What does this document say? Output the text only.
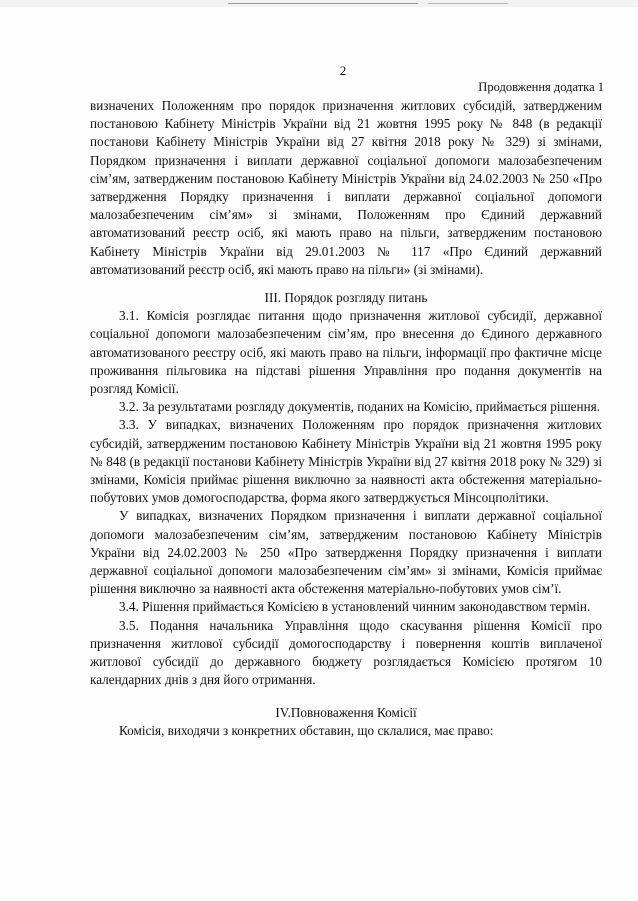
2
Продовження додатка 1

визначених Положенням про порядок призначення житлових субсидій, затвердженим постановою Кабінету Міністрів України від 21 жовтня 1995 року № 848 (в редакції постанови Кабінету Міністрів України від 27 квітня 2018 року № 329) зі змінами, Порядком призначення і виплати державної соціальної допомоги малозабезпеченим сім’ям, затвердженим постановою Кабінету Міністрів України від 24.02.2003 № 250 «Про затвердження Порядку призначення і виплати державної соціальної допомоги малозабезпеченим сім’ям» зі змінами, Положенням про Єдиний державний автоматизований реєстр осіб, які мають право на пільги, затвердженим постановою Кабінету Міністрів України від 29.01.2003 № 117 «Про Єдиний державний автоматизований реєстр осіб, які мають право на пільги» (зі змінами).

ІІІ. Порядок розгляду питань

3.1. Комісія розглядає питання щодо призначення житлової субсидії, державної соціальної допомоги малозабезпеченим сім’ям, про внесення до Єдиного державного автоматизованого реєстру осіб, які мають право на пільги, інформації про фактичне місце проживання пільговика на підставі рішення Управління про подання документів на розгляд Комісії.

3.2. За результатами розгляду документів, поданих на Комісію, приймається рішення.

3.3. У випадках, визначених Положенням про порядок призначення житлових субсидій, затвердженим постановою Кабінету Міністрів України від 21 жовтня 1995 року № 848 (в редакції постанови Кабінету Міністрів України від 27 квітня 2018 року № 329) зі змінами, Комісія приймає рішення виключно за наявності акта обстеження матеріально-побутових умов домогосподарства, форма якого затверджується Мінсоцполітики.

У випадках, визначених Порядком призначення і виплати державної соціальної допомоги малозабезпеченим сім’ям, затвердженим постановою Кабінету Міністрів України від 24.02.2003 № 250 «Про затвердження Порядку призначення і виплати державної соціальної допомоги малозабезпеченим сім’ям» зі змінами, Комісія приймає рішення виключно за наявності акта обстеження матеріально-побутових умов сім’ї.

3.4. Рішення приймається Комісією в установлений чинним законодавством термін.

3.5. Подання начальника Управління щодо скасування рішення Комісії про призначення житлової субсидії домогосподарству і повернення коштів виплаченої житлової субсидії до державного бюджету розглядається Комісією протягом 10 календарних днів з дня його отримання.

IV.Повноваження Комісії

Комісія, виходячи з конкретних обставин, що склалися, має право:
